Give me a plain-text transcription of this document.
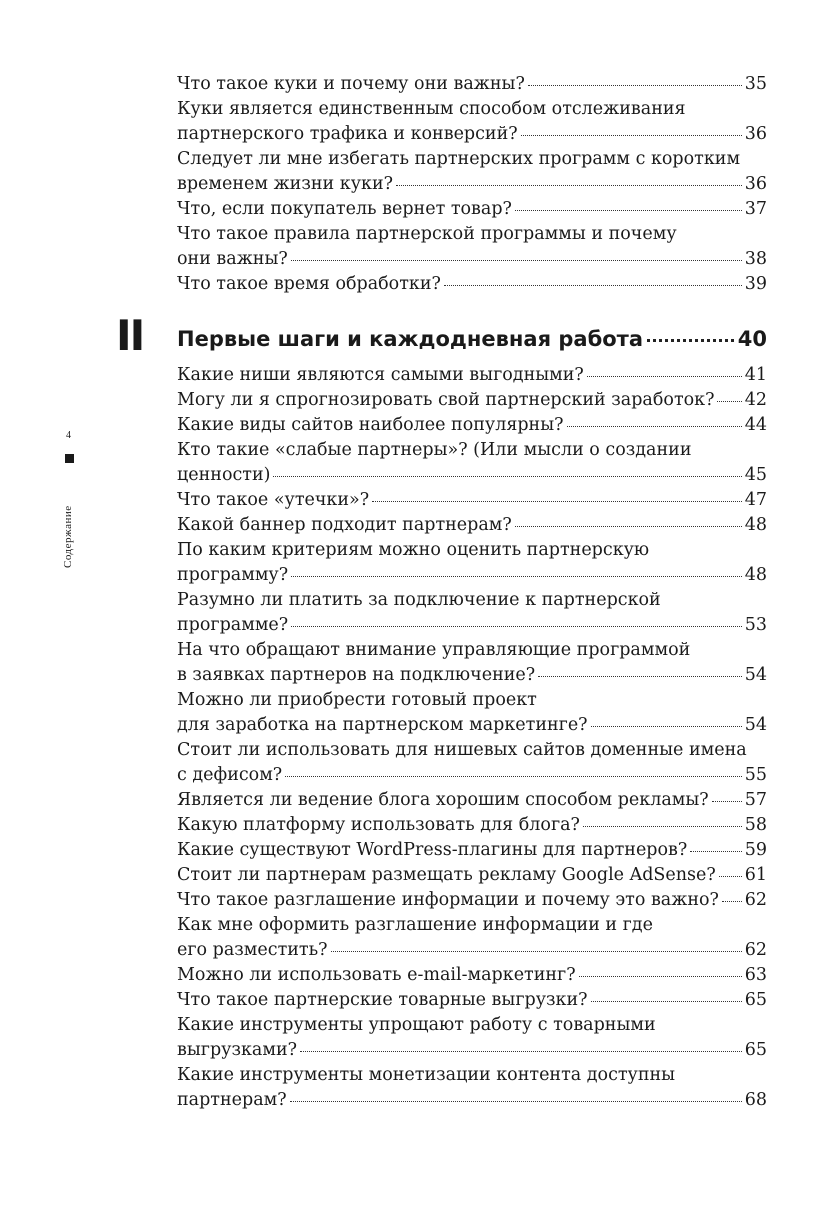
4
Содержание
Что такое куки и почему они важны?	35
Куки является единственным способом отслеживания
партнерского трафика и конверсий?	36
Следует ли мне избегать партнерских программ с коротким
временем жизни куки?	36
Что, если покупатель вернет товар?	37
Что такое правила партнерской программы и почему
они важны?	38
Что такое время обработки?	39
II Первые шаги и каждодневная работа	40
Какие ниши являются самыми выгодными?	41
Могу ли я спрогнозировать свой партнерский заработок? 42
Какие виды сайтов наиболее популярны?	44
Кто такие «слабые партнеры»? (Или мысли о создании
ценности)	45
Что такое «утечки»?	47
Какой баннер подходит партнерам?	48
По каким критериям можно оценить партнерскую
программу?	48
Разумно ли платить за подключение к партнерской
программе?	53
На что обращают внимание управляющие программой
в заявках партнеров на подключение?	54
Можно ли приобрести готовый проект
для заработка на партнерском маркетинге?	54
Стоит ли использовать для нишевых сайтов доменные имена
с дефисом?	55
Является ли ведение блога хорошим способом рекламы? 57
Какую платформу использовать для блога?	58
Какие существуют WordPress-плагины для партнеров?	59
Стоит ли партнерам размещать рекламу Google AdSense? 61
Что такое разглашение информации и почему это важно? 62
Как мне оформить разглашение информации и где
его разместить?	62
Можно ли использовать e-mail-маркетинг?	63
Что такое партнерские товарные выгрузки?	65
Какие инструменты упрощают работу с товарными
выгрузками?	65
Какие инструменты монетизации контента доступны
партнерам?	68
